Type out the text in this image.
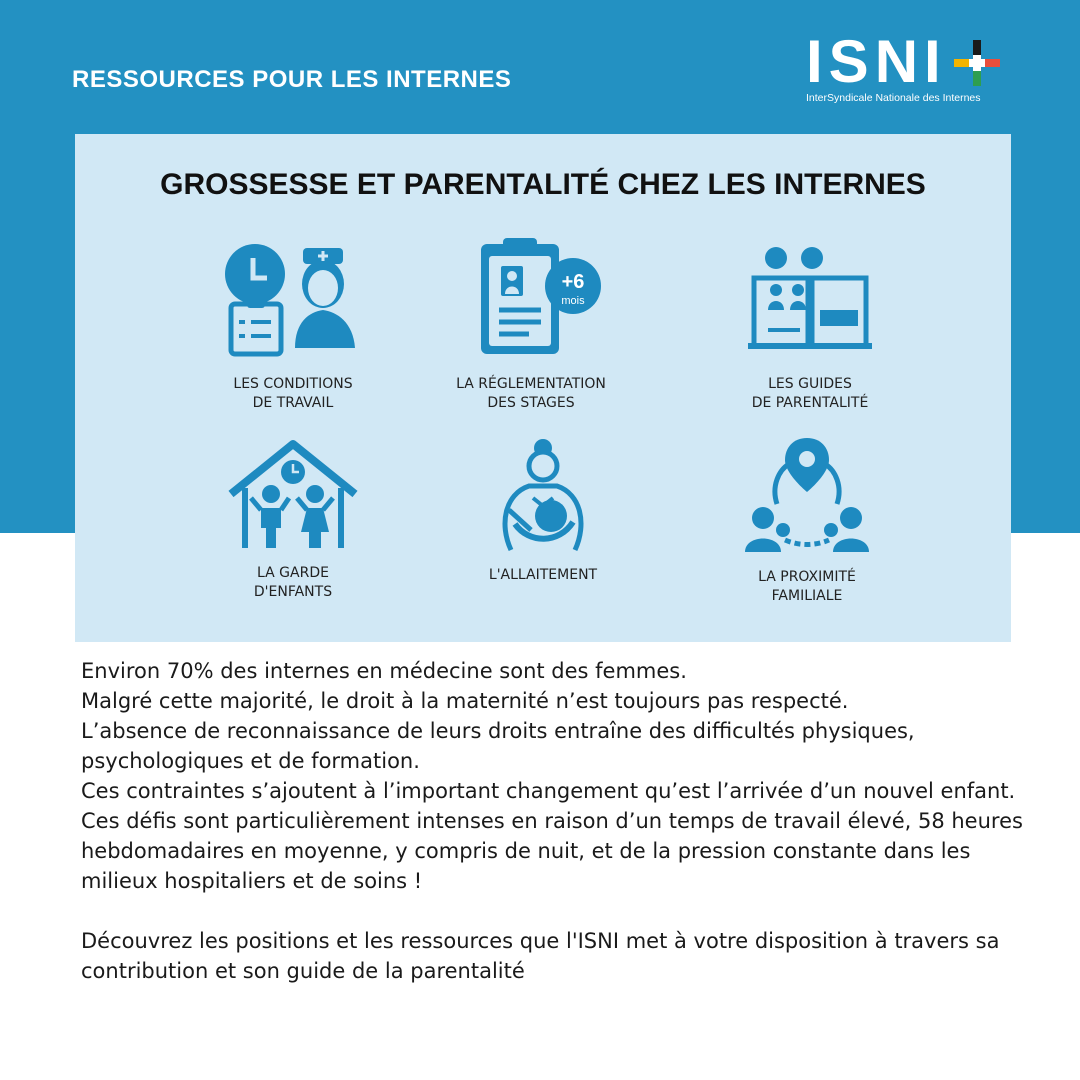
RESSOURCES POUR LES INTERNES	ISNI
InterSyndicale Nationale des Internes
GROSSESSE ET PARENTALITÉ CHEZ LES INTERNES
LES CONDITIONS
DE TRAVAIL
+6
mois
LA RÉGLEMENTATION
DES STAGES
LES GUIDES
DE PARENTALITÉ
LA GARDE
D'ENFANTS
L'ALLAITEMENT	LA PROXIMITÉ
FAMILIALE

Environ 70% des internes en médecine sont des femmes.

Malgré cette majorité, le droit à la maternité n’est toujours pas respecté.

L’absence de reconnaissance de leurs droits entraîne des difficultés physiques, psychologiques et de formation.

Ces contraintes s’ajoutent à l’important changement qu’est l’arrivée d’un nouvel enfant.

Ces défis sont particulièrement intenses en raison d’un temps de travail élevé, 58 heures hebdomadaires en moyenne, y compris de nuit, et de la pression constante dans les milieux hospitaliers et de soins !

Découvrez les positions et les ressources que l'ISNI met à votre disposition à travers sa contribution et son guide de la parentalité
